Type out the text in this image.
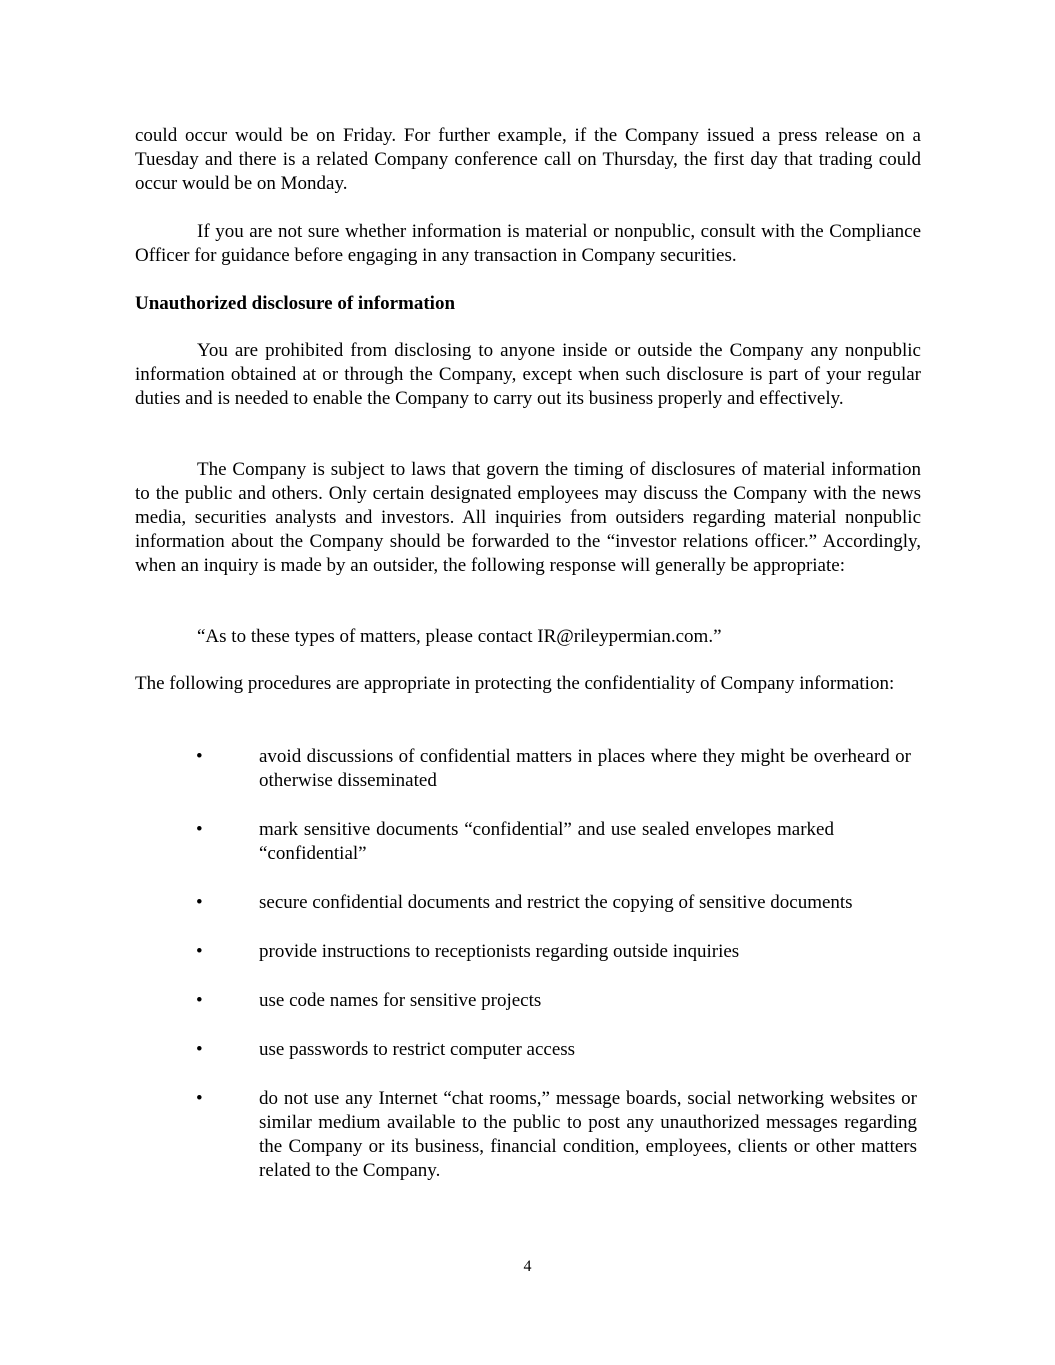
could occur would be on Friday. For further example, if the Company issued a press release on a Tuesday and there is a related Company conference call on Thursday, the first day that trading could occur would be on Monday.

If you are not sure whether information is material or nonpublic, consult with the Compliance Officer for guidance before engaging in any transaction in Company securities.

Unauthorized disclosure of information

You are prohibited from disclosing to anyone inside or outside the Company any nonpublic information obtained at or through the Company, except when such disclosure is part of your regular duties and is needed to enable the Company to carry out its business properly and effectively.

The Company is subject to laws that govern the timing of disclosures of material information to the public and others. Only certain designated employees may discuss the Company with the news media, securities analysts and investors. All inquiries from outsiders regarding material nonpublic information about the Company should be forwarded to the “investor relations officer.” Accordingly, when an inquiry is made by an outsider, the following response will generally be appropriate:

“As to these types of matters, please contact IR@rileypermian.com.”

The following procedures are appropriate in protecting the confidentiality of Company information:

•	avoid discussions of confidential matters in places where they might be overheard or otherwise disseminated
•	mark sensitive documents “confidential” and use sealed envelopes marked “confidential”
•	secure confidential documents and restrict the copying of sensitive documents
•	provide instructions to receptionists regarding outside inquiries
•	use code names for sensitive projects
•	use passwords to restrict computer access
•	do not use any Internet “chat rooms,” message boards, social networking websites or similar medium available to the public to post any unauthorized messages regarding the Company or its business, financial condition, employees, clients or other matters related to the Company.
4
